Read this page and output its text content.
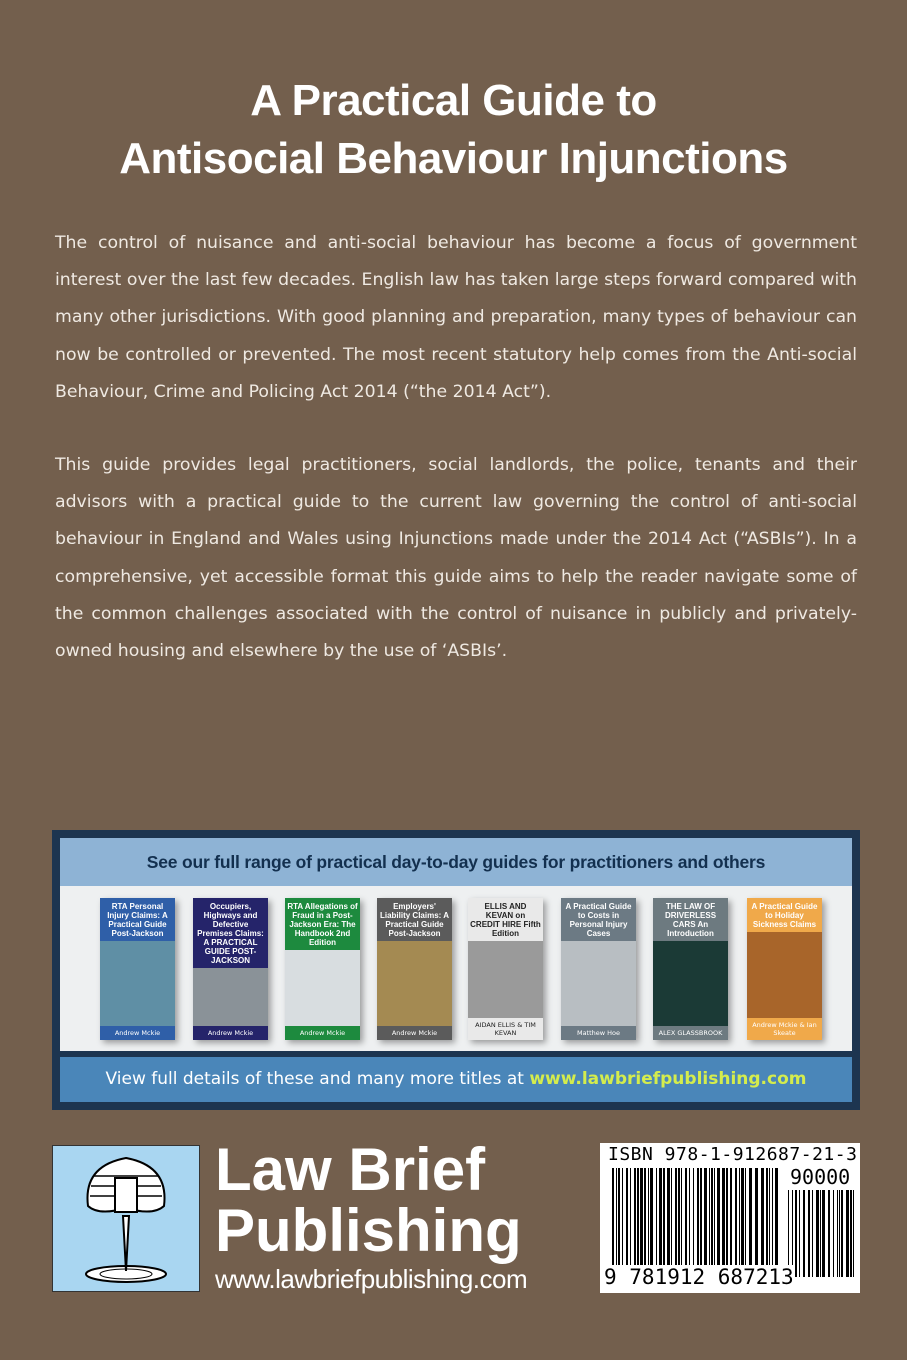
A Practical Guide to
Antisocial Behaviour Injunctions

The control of nuisance and anti-social behaviour has become a focus of government interest over the last few decades. English law has taken large steps forward compared with many other jurisdictions. With good planning and preparation, many types of behaviour can now be controlled or prevented. The most recent statutory help comes from the Anti-social Behaviour, Crime and Policing Act 2014 (“the 2014 Act”).

This guide provides legal practitioners, social landlords, the police, tenants and their advisors with a practical guide to the current law governing the control of anti-social behaviour in England and Wales using Injunctions made under the 2014 Act (“ASBIs”). In a comprehensive, yet accessible format this guide aims to help the reader navigate some of the common challenges associated with the control of nuisance in publicly and privately-owned housing and elsewhere by the use of ‘ASBIs’.

See our full range of practical day-to-day guides for practitioners and others
RTA Personal Injury Claims: A Practical Guide Post-Jackson
Andrew Mckie
Occupiers, Highways and Defective Premises Claims: A PRACTICAL GUIDE POST-JACKSON
Andrew Mckie
RTA Allegations of Fraud in a Post-Jackson Era: The Handbook 2nd Edition
Andrew Mckie
Employers' Liability Claims: A Practical Guide Post-Jackson
Andrew Mckie
ELLIS AND KEVAN on CREDIT HIRE Fifth Edition
AIDAN ELLIS & TIM KEVAN
A Practical Guide to Costs in Personal Injury Cases
Matthew Hoe
THE LAW OF DRIVERLESS CARS An Introduction
ALEX GLASSBROOK
A Practical Guide to Holiday Sickness Claims
Andrew Mckie & Ian Skeate
View full details of these and many more titles at www.lawbriefpublishing.com
Law Brief
Publishing
www.lawbriefpublishing.com
ISBN 978-1-912687-21-3
90000
9 781912 687213
